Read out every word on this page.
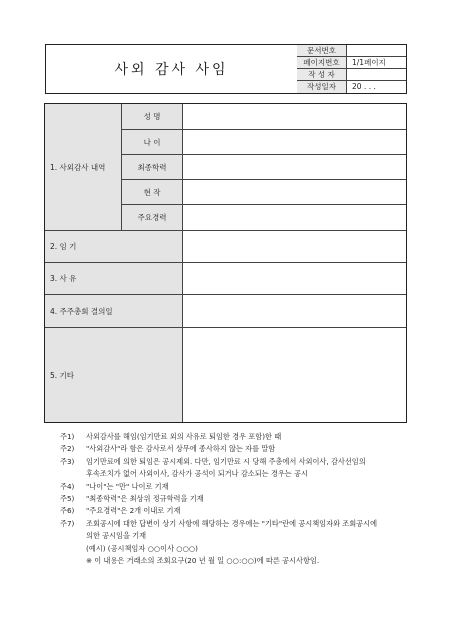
사외 감사 사임
문서번호
페이지번호	1/1페이지
작 성 자
작성일자	20 . . .
1. 사외감사 내역
성 명
나 이
최종학력
현 작
주요경력
2. 임 기
3. 사 유
4. 주주총회 결의일
5. 기타
주1) 사외감사를 해임(임기만료 외의 사유로 퇴임한 경우 포함)한 때
주2) "사외감사"라 함은 감사로서 상무에 종사하지 않는 자를 말함
주3) 임기만료에 의한 퇴임은 공시제외. 다만, 임기만료 시 당해 주총에서 사외이사, 감사선임의
후속조치가 없어 사외이사, 감사가 공석이 되거나 감소되는 경우는 공시
주4) "나이"는 "만" 나이로 기재
주5) "최종학력"은 최상위 정규학력을 기재
주6) "주요경력"은 2개 이내로 기재
주7) 조회공시에 대한 답변이 상기 사항에 해당하는 경우에는 "기타"란에 공시책임자와 조회공시에
의한 공시임을 기재
(예시) (공시책임자 ○○이사 ○○○)
※ 이 내용은 거래소의 조회요구(20 년 월 일 ○○:○○)에 따른 공시사항임.
